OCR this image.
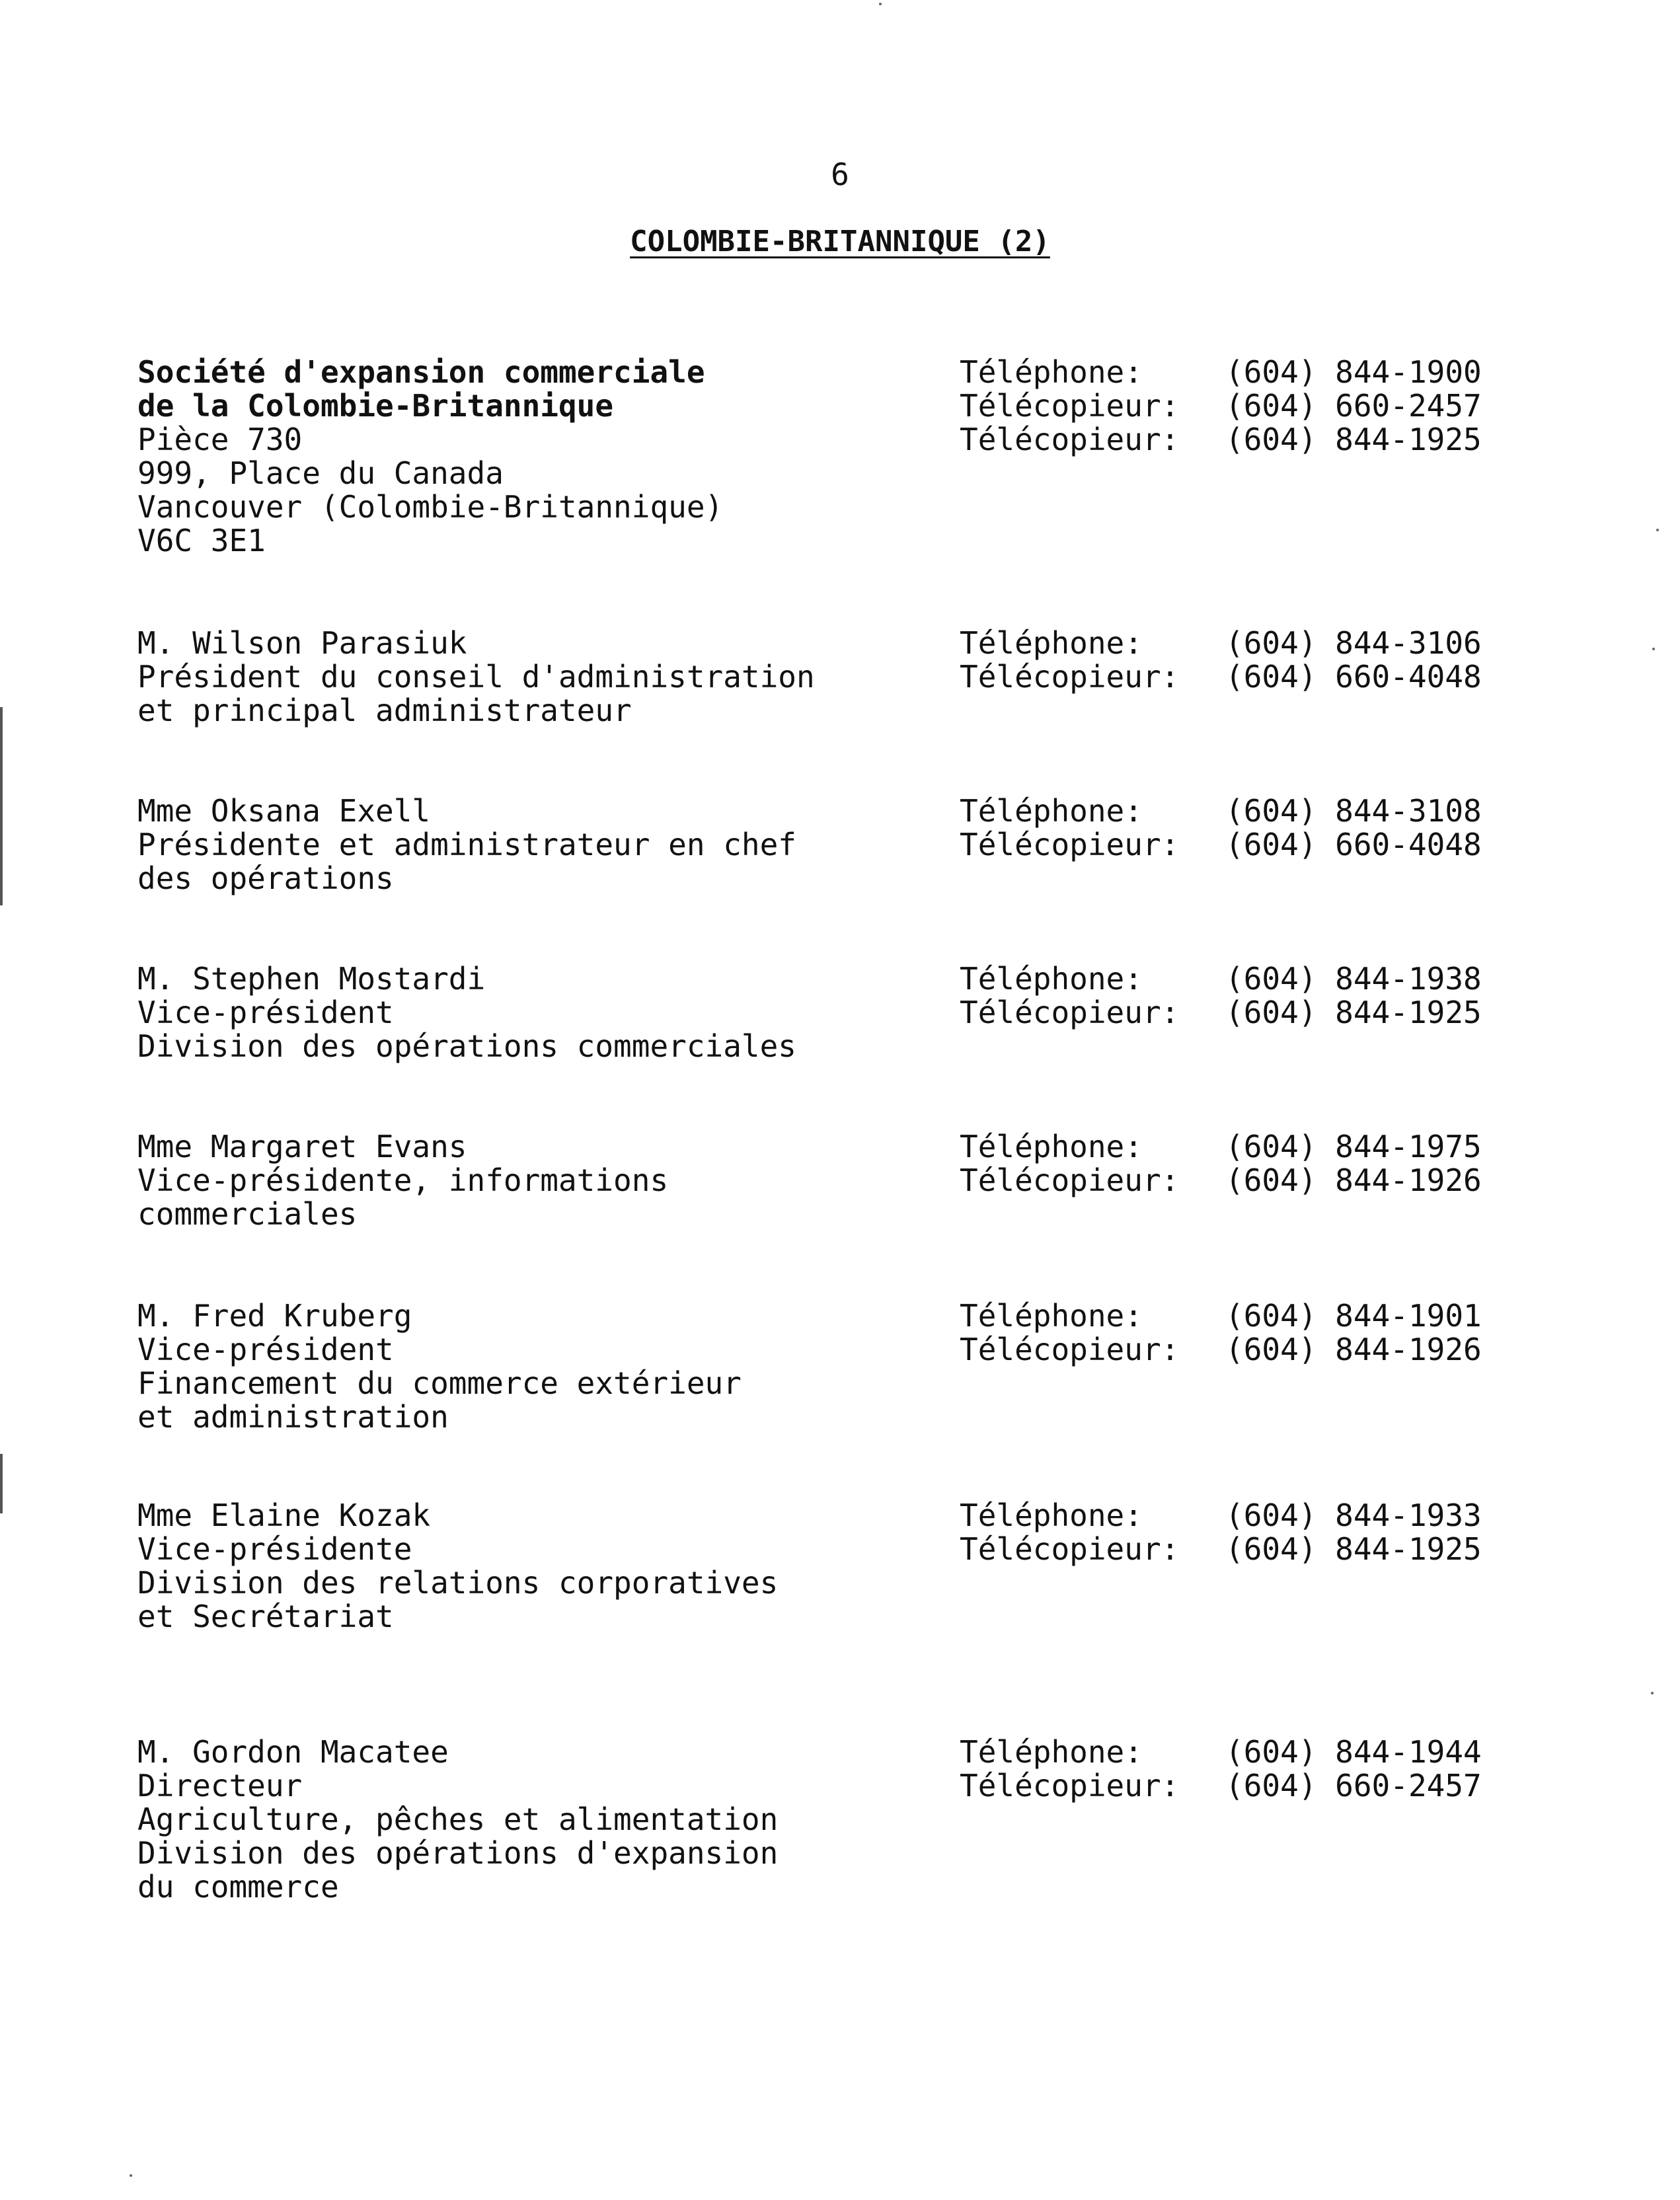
6
COLOMBIE-BRITANNIQUE (2)
Société d'expansion commerciale
de la Colombie-Britannique
Pièce 730
999, Place du Canada
Vancouver (Colombie-Britannique)
V6C 3E1
Téléphone:	(604) 844-1900
Télécopieur: (604) 660-2457
Télécopieur: (604) 844-1925
M. Wilson Parasiuk
Président du conseil d'administration
et principal administrateur
Téléphone:	(604) 844-3106
Télécopieur: (604) 660-4048
Mme Oksana Exell
Présidente et administrateur en chef
des opérations
Téléphone:	(604) 844-3108
Télécopieur: (604) 660-4048
M. Stephen Mostardi
Vice-président
Division des opérations commerciales
Téléphone:	(604) 844-1938
Télécopieur: (604) 844-1925
Mme Margaret Evans
Vice-présidente, informations
commerciales
Téléphone:	(604) 844-1975
Télécopieur: (604) 844-1926
M. Fred Kruberg
Vice-président
Financement du commerce extérieur
et administration
Téléphone:	(604) 844-1901
Télécopieur: (604) 844-1926
Mme Elaine Kozak
Vice-présidente
Division des relations corporatives
et Secrétariat
Téléphone:	(604) 844-1933
Télécopieur: (604) 844-1925
M. Gordon Macatee
Directeur
Agriculture, pêches et alimentation
Division des opérations d'expansion
du commerce
Téléphone:	(604) 844-1944
Télécopieur: (604) 660-2457
